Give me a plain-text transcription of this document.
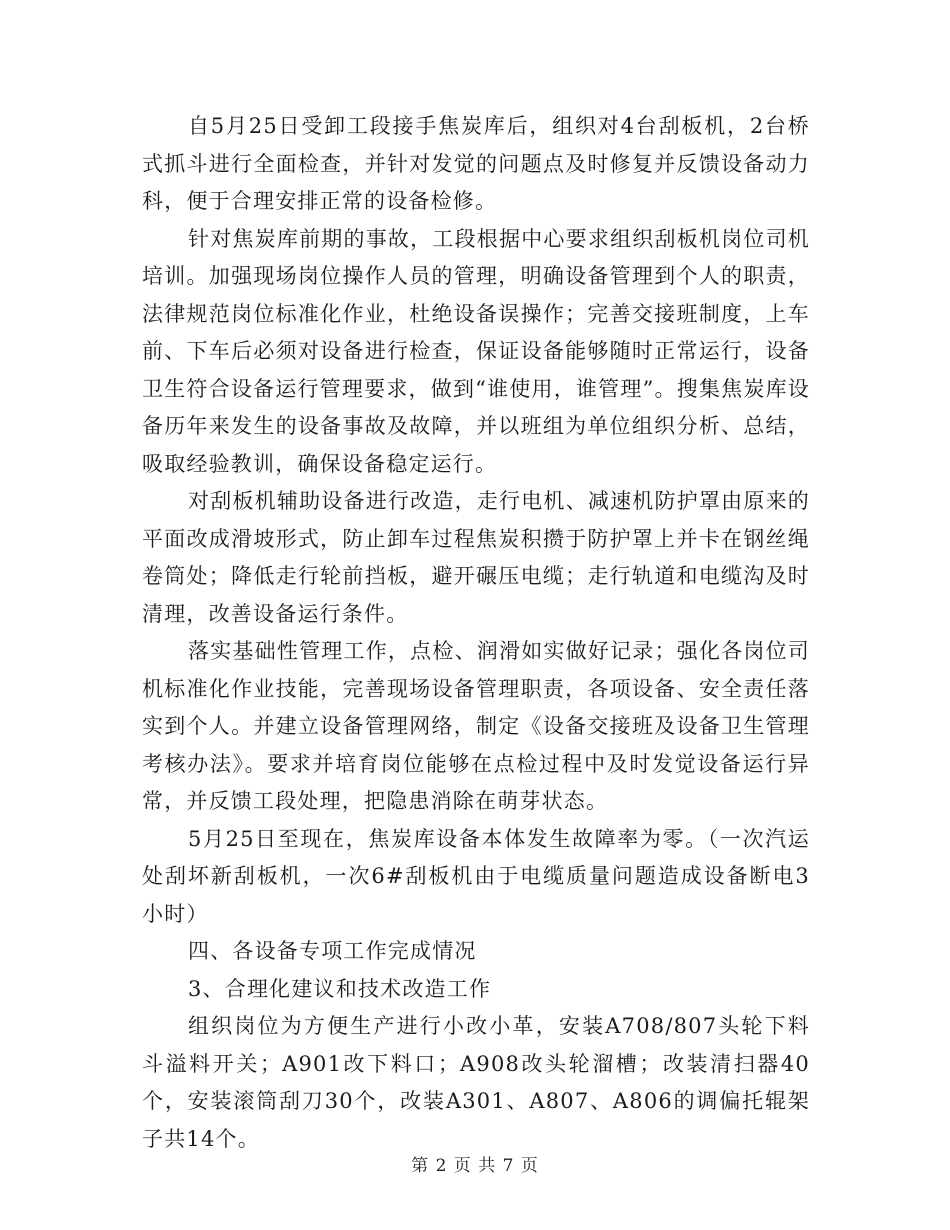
自5月25日受卸工段接手焦炭库后，组织对4台刮板机，2台桥式抓斗进行全面检查，并针对发觉的问题点及时修复并反馈设备动力科，便于合理安排正常的设备检修。

针对焦炭库前期的事故，工段根据中心要求组织刮板机岗位司机培训。加强现场岗位操作人员的管理，明确设备管理到个人的职责，法律规范岗位标准化作业，杜绝设备误操作；完善交接班制度，上车前、下车后必须对设备进行检查，保证设备能够随时正常运行，设备卫生符合设备运行管理要求，做到“谁使用，谁管理”。搜集焦炭库设备历年来发生的设备事故及故障，并以班组为单位组织分析、总结，吸取经验教训，确保设备稳定运行。

对刮板机辅助设备进行改造，走行电机、减速机防护罩由原来的平面改成滑坡形式，防止卸车过程焦炭积攒于防护罩上并卡在钢丝绳卷筒处；降低走行轮前挡板，避开碾压电缆；走行轨道和电缆沟及时清理，改善设备运行条件。

落实基础性管理工作，点检、润滑如实做好记录；强化各岗位司机标准化作业技能，完善现场设备管理职责，各项设备、安全责任落实到个人。并建立设备管理网络，制定《设备交接班及设备卫生管理考核办法》。要求并培育岗位能够在点检过程中及时发觉设备运行异常，并反馈工段处理，把隐患消除在萌芽状态。

5月25日至现在，焦炭库设备本体发生故障率为零。（一次汽运处刮坏新刮板机，一次6#刮板机由于电缆质量问题造成设备断电3小时）

四、各设备专项工作完成情况

3、合理化建议和技术改造工作

组织岗位为方便生产进行小改小革，安装A708/807头轮下料斗溢料开关；A901改下料口；A908改头轮溜槽；改装清扫器40个，安装滚筒刮刀30个，改装A301、A807、A806的调偏托辊架子共14个。

第 2 页 共 7 页
